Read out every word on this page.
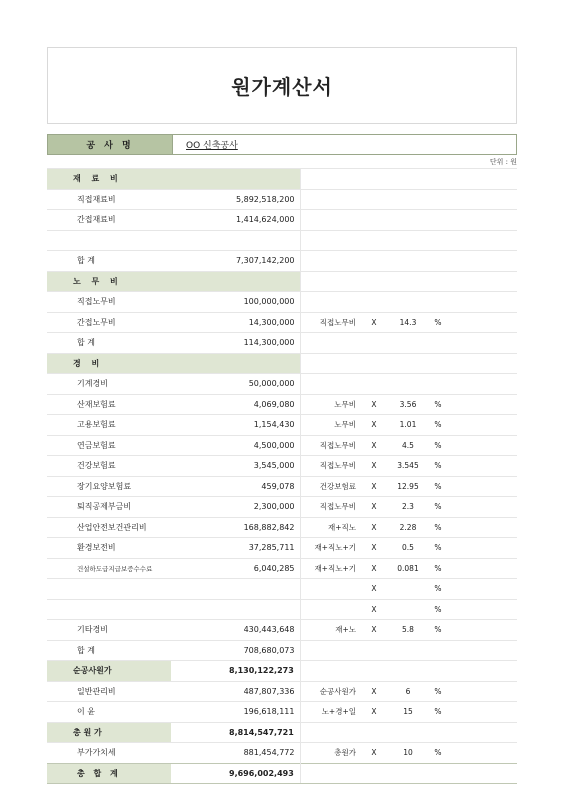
원가계산서
공 사 명	OO 신축공사
단위 : 원
재 료 비						
직접재료비	5,892,518,200					
간접재료비	1,414,624,000					

합 계	7,307,142,200					
노 무 비						
직접노무비	100,000,000					
간접노무비	14,300,000	직접노무비	X	14.3	%	
합 계	114,300,000					
경 비						
기계경비	50,000,000					
산재보험료	4,069,080	노무비	X	3.56	%	
고용보험료	1,154,430	노무비	X	1.01	%	
연금보험료	4,500,000	직접노무비	X	4.5	%	
건강보험료	3,545,000	직접노무비	X	3.545	%	
장기요양보험료	459,078	건강보험료	X	12.95	%	
퇴직공제부금비	2,300,000	직접노무비	X	2.3	%	
산업안전보건관리비	168,882,842	재+직노	X	2.28	%	
환경보전비	37,285,711	재+직노+기	X	0.5	%	
건설하도급지급보증수수료	6,040,285	재+직노+기	X	0.081	%	
			X		%	
			X		%	
기타경비	430,443,648	재+노	X	5.8	%	
합 계	708,680,073					
순공사원가	8,130,122,273					
일반관리비	487,807,336	순공사원가	X	6	%	
이 윤	196,618,111	노+경+일	X	15	%	
총 원 가	8,814,547,721					
부가가치세	881,454,772	총원가	X	10	%	
총 합 계	9,696,002,493					
